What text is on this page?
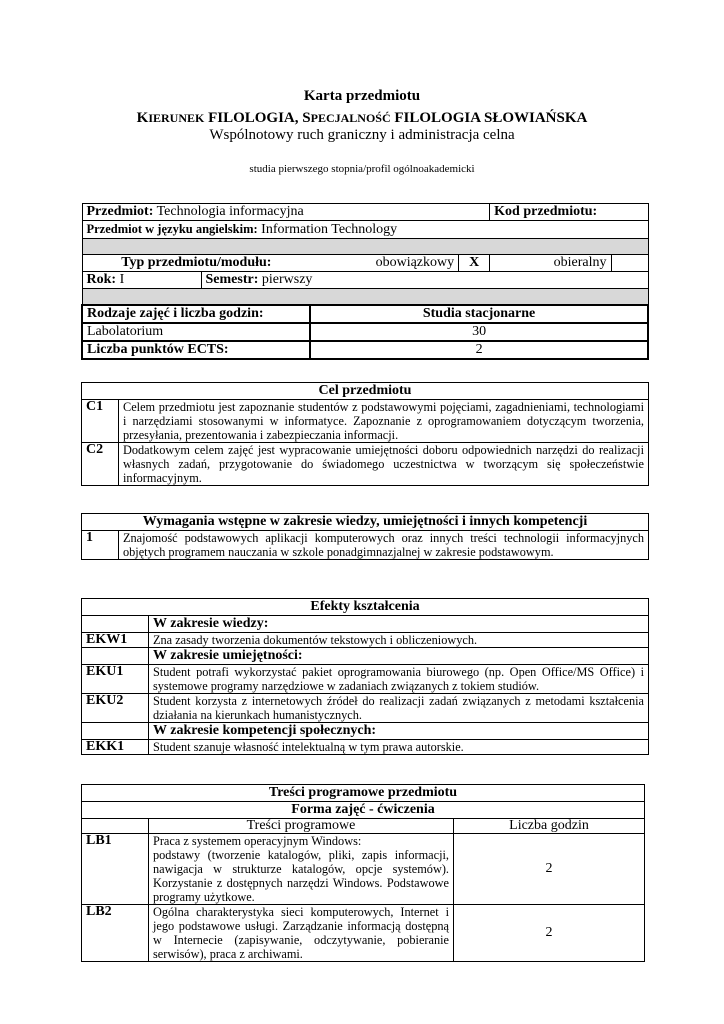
Karta przedmiotu
KIERUNEK FILOLOGIA, SPECJALNOŚĆ FILOLOGIA SŁOWIAŃSKA
Wspólnotowy ruch graniczny i administracja celna
studia pierwszego stopnia/profil ogólnoakademicki
Przedmiot: Technologia informacyjna				Kod przedmiotu:	
Przedmiot w języku angielskim: Information Technology					

Typ przedmiotu/modułu:		obowiązkowy	X	obieralny	
Rok: I	Semestr: pierwszy				

Rodzaje zajęć i liczba godzin:		Studia stacjonarne			
Labolatorium		30			
Liczba punktów ECTS:		2			
Cel przedmiotu	
C1	Celem przedmiotu jest zapoznanie studentów z podstawowymi pojęciami, zagadnieniami, technologiami i narzędziami stosowanymi w informatyce. Zapoznanie z oprogramowaniem dotyczącym tworzenia, przesyłania, prezentowania i zabezpieczania informacji.
C2	Dodatkowym celem zajęć jest wypracowanie umiejętności doboru odpowiednich narzędzi do realizacji własnych zadań, przygotowanie do świadomego uczestnictwa w tworzącym się społeczeństwie informacyjnym.
Wymagania wstępne w zakresie wiedzy, umiejętności i innych kompetencji
1	Znajomość podstawowych aplikacji komputerowych oraz innych treści technologii informacyjnych objętych programem nauczania w szkole ponadgimnazjalnej w zakresie podstawowym.
Efekty kształcenia	
	W zakresie wiedzy:
EKW1	Zna zasady tworzenia dokumentów tekstowych i obliczeniowych.
	W zakresie umiejętności:
EKU1	Student potrafi wykorzystać pakiet oprogramowania biurowego (np. Open Office/MS Office) i systemowe programy narzędziowe w zadaniach związanych z tokiem studiów.
EKU2	Student korzysta z internetowych źródeł do realizacji zadań związanych z metodami kształcenia działania na kierunkach humanistycznych.
	W zakresie kompetencji społecznych:
EKK1	Student szanuje własność intelektualną w tym prawa autorskie.
Treści programowe przedmiotu		
Forma zajęć - ćwiczenia		
	Treści programowe	Liczba godzin
LB1	Praca z systemem operacyjnym Windows:
podstawy (tworzenie katalogów, pliki, zapis informacji, nawigacja w strukturze katalogów, opcje systemów). Korzystanie z dostępnych narzędzi Windows. Podstawowe programy użytkowe.	2
LB2	Ogólna charakterystyka sieci komputerowych, Internet i jego podstawowe usługi. Zarządzanie informacją dostępną w Internecie (zapisywanie, odczytywanie, pobieranie serwisów), praca z archiwami.	2
